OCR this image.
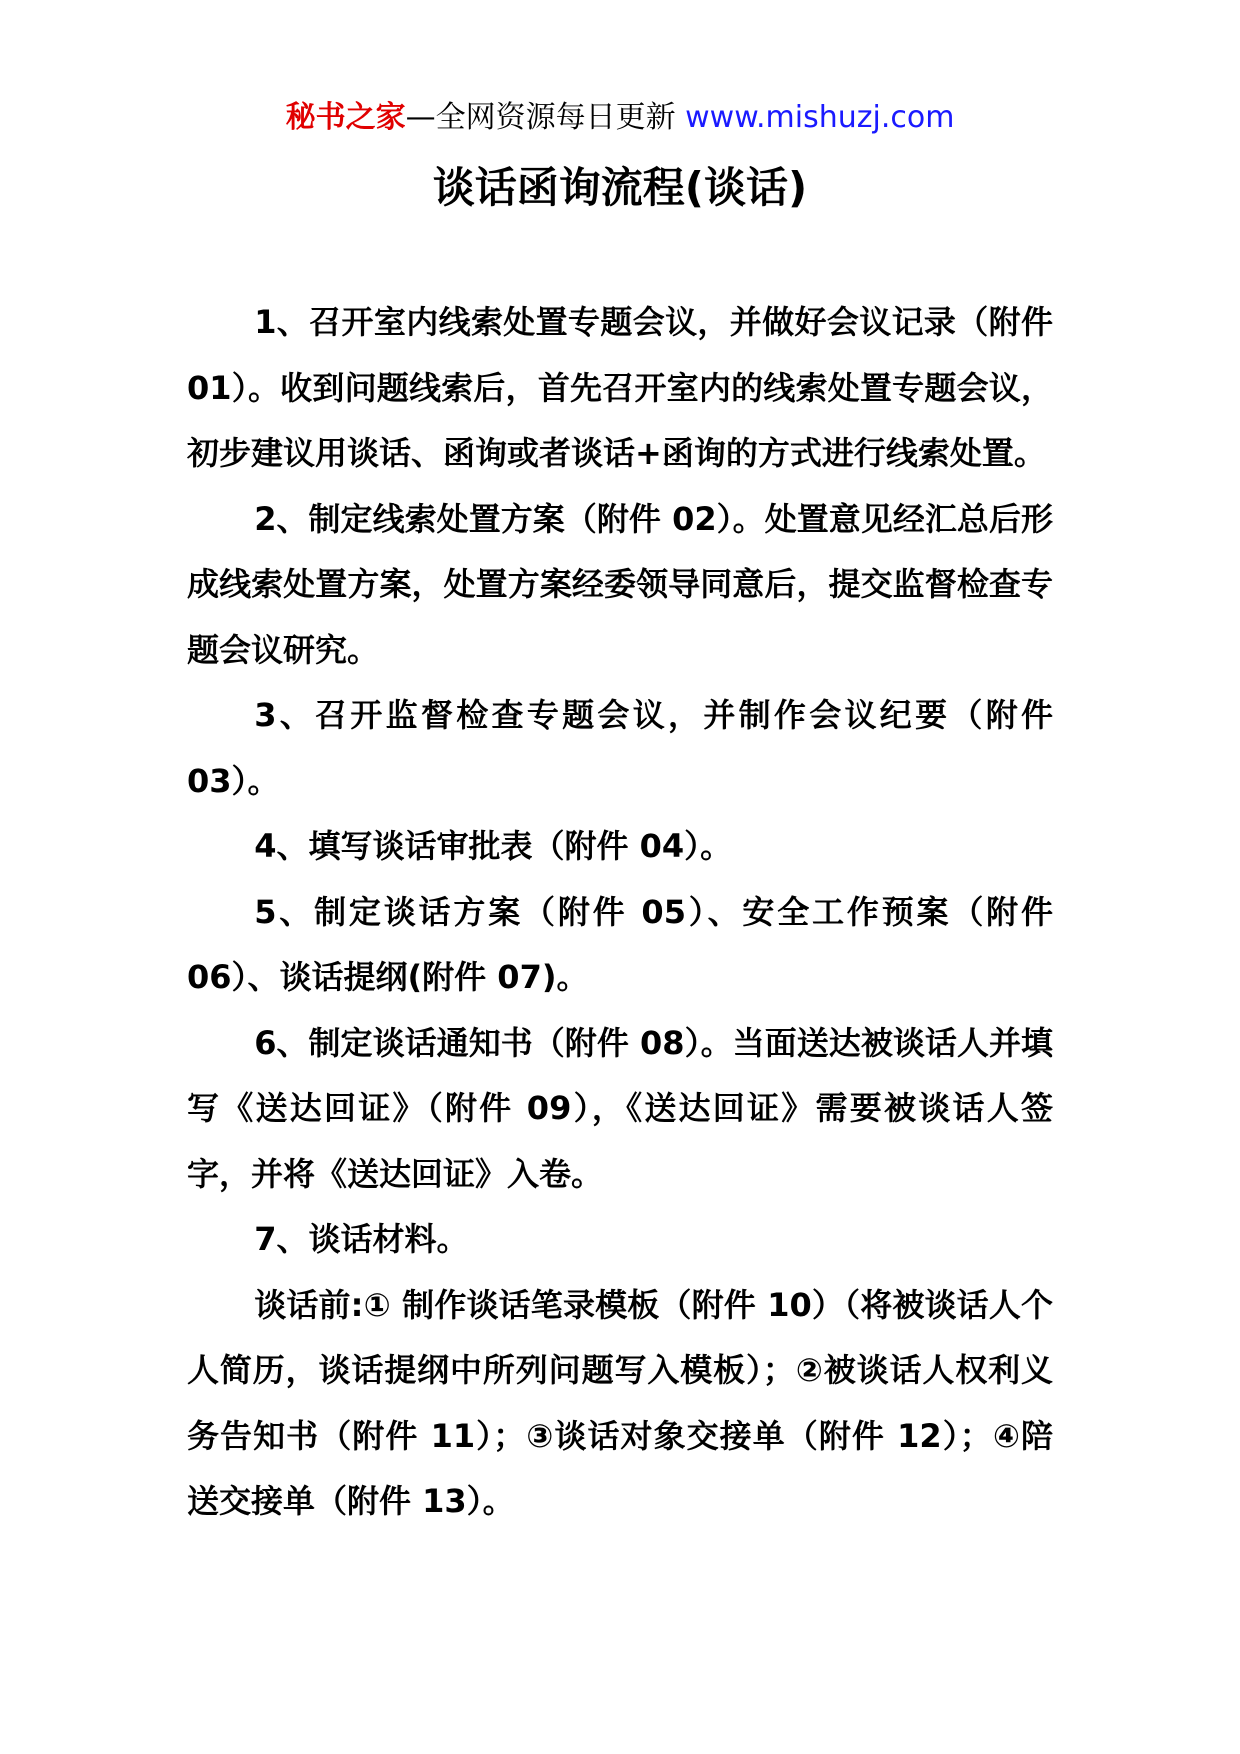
秘书之家—全网资源每日更新 www.mishuzj.com
谈话函询流程(谈话)

1、召开室内线索处置专题会议，并做好会议记录（附件 01）。收到问题线索后，首先召开室内的线索处置专题会议，初步建议用谈话、函询或者谈话+函询的方式进行线索处置。

2、制定线索处置方案（附件 02）。处置意见经汇总后形成线索处置方案，处置方案经委领导同意后，提交监督检查专题会议研究。

3、召开监督检查专题会议，并制作会议纪要（附件 03）。

4、填写谈话审批表（附件 04）。

5、制定谈话方案（附件 05）、安全工作预案（附件 06）、谈话提纲(附件 07)。

6、制定谈话通知书（附件 08）。当面送达被谈话人并填写《送达回证》（附件 09），《送达回证》需要被谈话人签字，并将《送达回证》入卷。

7、谈话材料。

谈话前:① 制作谈话笔录模板（附件 10）（将被谈话人个人简历，谈话提纲中所列问题写入模板）；②被谈话人权利义务告知书（附件 11）；③谈话对象交接单（附件 12）；④陪送交接单（附件 13）。
